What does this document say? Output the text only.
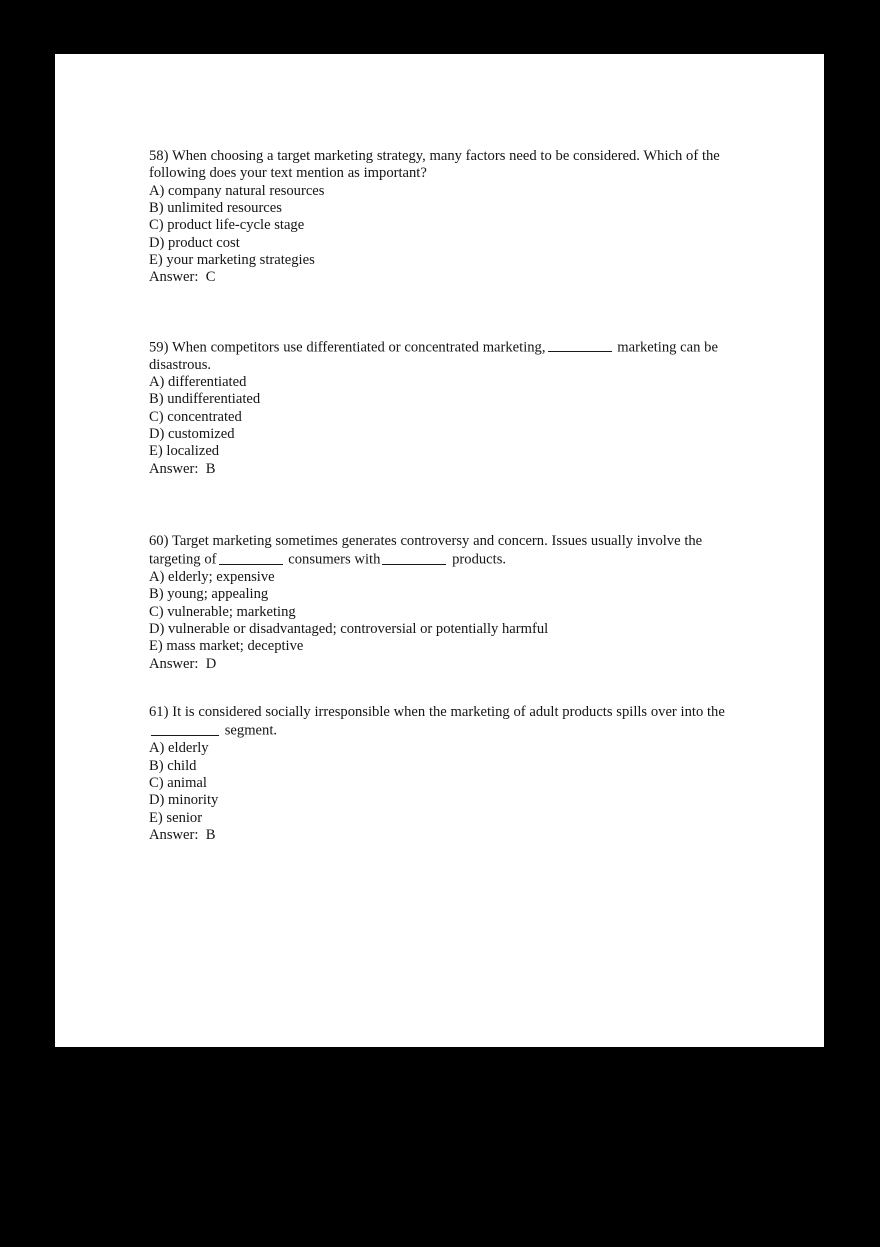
58) When choosing a target marketing strategy, many factors need to be considered. Which of the following does your text mention as important?

A) company natural resources

B) unlimited resources

C) product life-cycle stage

D) product cost

E) your marketing strategies

Answer: C

59) When competitors use differentiated or concentrated marketing,	marketing can be disastrous.

A) differentiated

B) undifferentiated

C) concentrated

D) customized

E) localized

Answer: B

60) Target marketing sometimes generates controversy and concern. Issues usually involve the targeting of	consumers with	products.

A) elderly; expensive

B) young; appealing

C) vulnerable; marketing

D) vulnerable or disadvantaged; controversial or potentially harmful

E) mass market; deceptive

Answer: D

61) It is considered socially irresponsible when the marketing of adult products spills over into the segment.

A) elderly

B) child

C) animal

D) minority

E) senior

Answer: B
